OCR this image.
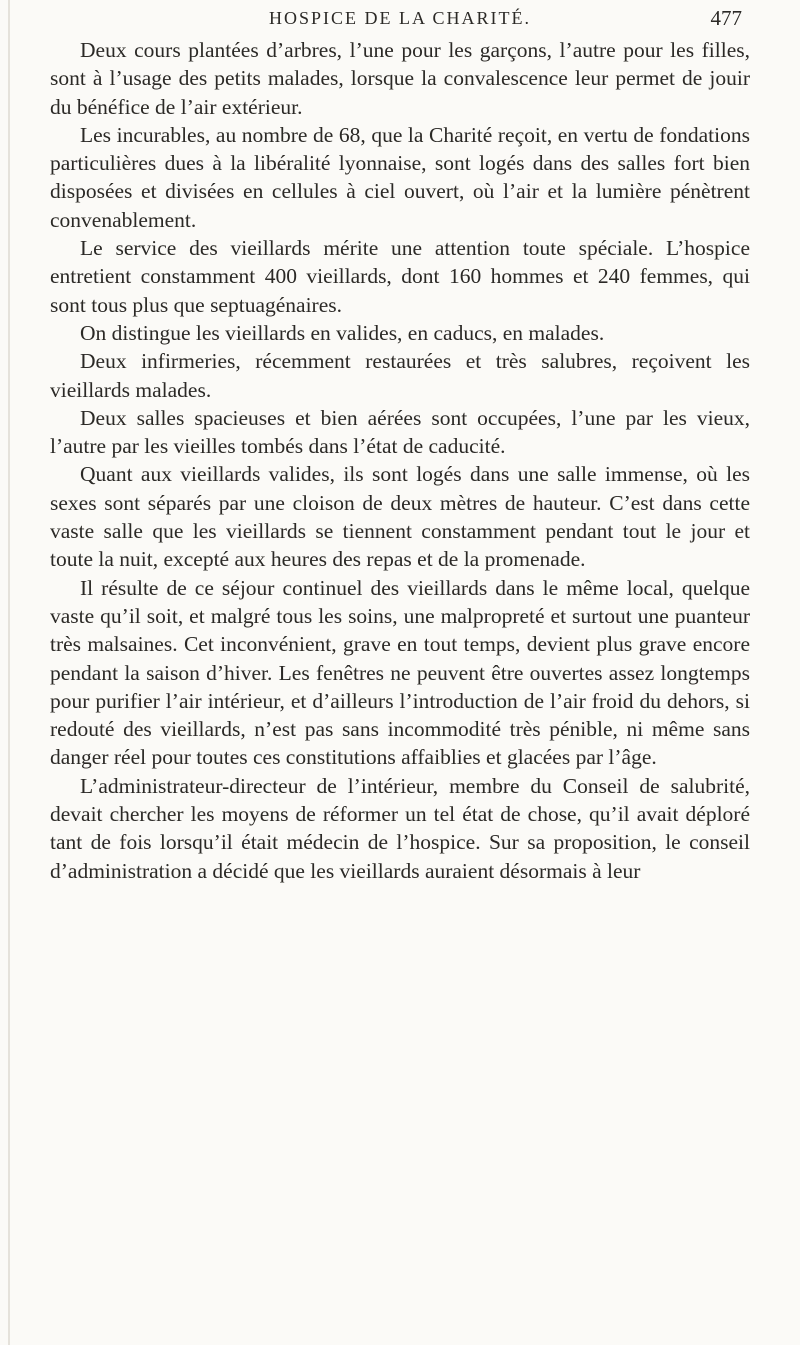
HOSPICE DE LA CHARITÉ.	477

Deux cours plantées d’arbres, l’une pour les garçons, l’autre pour les filles, sont à l’usage des petits malades, lorsque la convalescence leur permet de jouir du bénéfice de l’air extérieur.

Les incurables, au nombre de 68, que la Charité reçoit, en vertu de fondations particulières dues à la libéralité lyonnaise, sont logés dans des salles fort bien disposées et divisées en cellules à ciel ouvert, où l’air et la lumière pénètrent convenablement.

Le service des vieillards mérite une attention toute spéciale. L’hospice entretient constamment 400 vieillards, dont 160 hommes et 240 femmes, qui sont tous plus que septuagénaires.

On distingue les vieillards en valides, en caducs, en malades.

Deux infirmeries, récemment restaurées et très salubres, reçoivent les vieillards malades.

Deux salles spacieuses et bien aérées sont occupées, l’une par les vieux, l’autre par les vieilles tombés dans l’état de caducité.

Quant aux vieillards valides, ils sont logés dans une salle immense, où les sexes sont séparés par une cloison de deux mètres de hauteur. C’est dans cette vaste salle que les vieillards se tiennent constamment pendant tout le jour et toute la nuit, excepté aux heures des repas et de la promenade.

Il résulte de ce séjour continuel des vieillards dans le même local, quelque vaste qu’il soit, et malgré tous les soins, une malpropreté et surtout une puanteur très malsaines. Cet inconvénient, grave en tout temps, devient plus grave encore pendant la saison d’hiver. Les fenêtres ne peuvent être ouvertes assez longtemps pour purifier l’air intérieur, et d’ailleurs l’introduction de l’air froid du dehors, si redouté des vieillards, n’est pas sans incommodité très pénible, ni même sans danger réel pour toutes ces constitutions affaiblies et glacées par l’âge.

L’administrateur-directeur de l’intérieur, membre du Conseil de salubrité, devait chercher les moyens de réformer un tel état de chose, qu’il avait déploré tant de fois lorsqu’il était médecin de l’hospice. Sur sa proposition, le conseil d’administration a décidé que les vieillards auraient désormais à leur
